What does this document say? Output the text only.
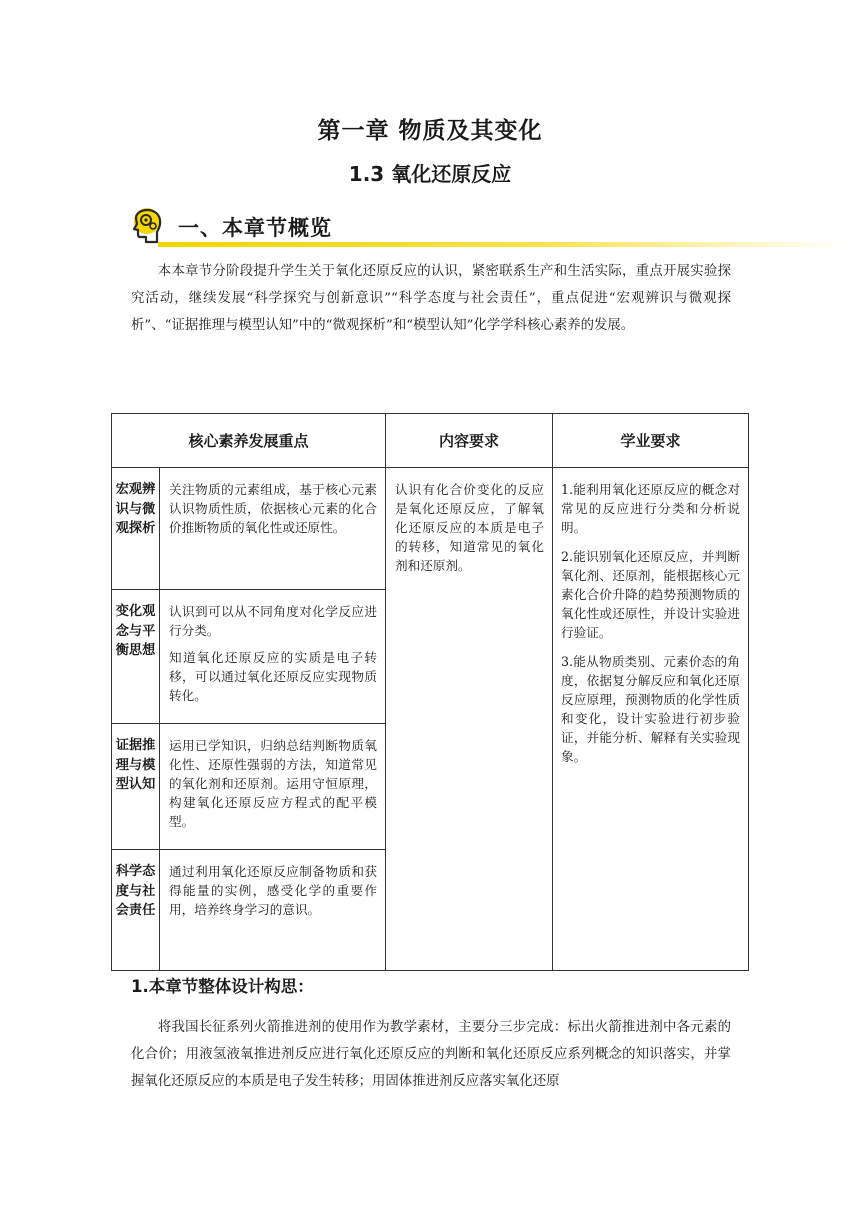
第一章 物质及其变化
1.3 氧化还原反应
一、本章节概览
本本章节分阶段提升学生关于氧化还原反应的认识，紧密联系生产和生活实际，重点开展实验探究活动，继续发展“科学探究与创新意识”“科学态度与社会责任”，重点促进“宏观辨识与微观探析”、“证据推理与模型认知”中的“微观探析”和“模型认知”化学学科核心素养的发展。
核心素养发展重点		内容要求	学业要求
宏观辨识与微观探析	关注物质的元素组成，基于核心元素认识物质性质，依据核心元素的化合价推断物质的氧化性或还原性。	认识有化合价变化的反应是氧化还原反应，了解氧化还原反应的本质是电子的转移，知道常见的氧化剂和还原剂。	1.能利用氧化还原反应的概念对常见的反应进行分类和分析说明。

2.能识别氧化还原反应，并判断氧化剂、还原剂，能根据核心元素化合价升降的趋势预测物质的氧化性或还原性，并设计实验进行验证。

3.能从物质类别、元素价态的角度，依据复分解反应和氧化还原反应原理，预测物质的化学性质和变化，设计实验进行初步验证，并能分析、解释有关实验现象。

变化观念与平衡思想	认识到可以从不同角度对化学反应进行分类。

知道氧化还原反应的实质是电子转移，可以通过氧化还原反应实现物质转化。		

证据推理与模型认知	运用已学知识，归纳总结判断物质氧化性、还原性强弱的方法，知道常见的氧化剂和还原剂。运用守恒原理，构建氧化还原反应方程式的配平模型。		

科学态度与社会责任	通过利用氧化还原反应制备物质和获得能量的实例，感受化学的重要作用，培养终身学习的意识。		

1.本章节整体设计构思：
将我国长征系列火箭推进剂的使用作为教学素材，主要分三步完成：标出火箭推进剂中各元素的化合价；用液氢液氧推进剂反应进行氧化还原反应的判断和氧化还原反应系列概念的知识落实，并掌握氧化还原反应的本质是电子发生转移；用固体推进剂反应落实氧化还原
